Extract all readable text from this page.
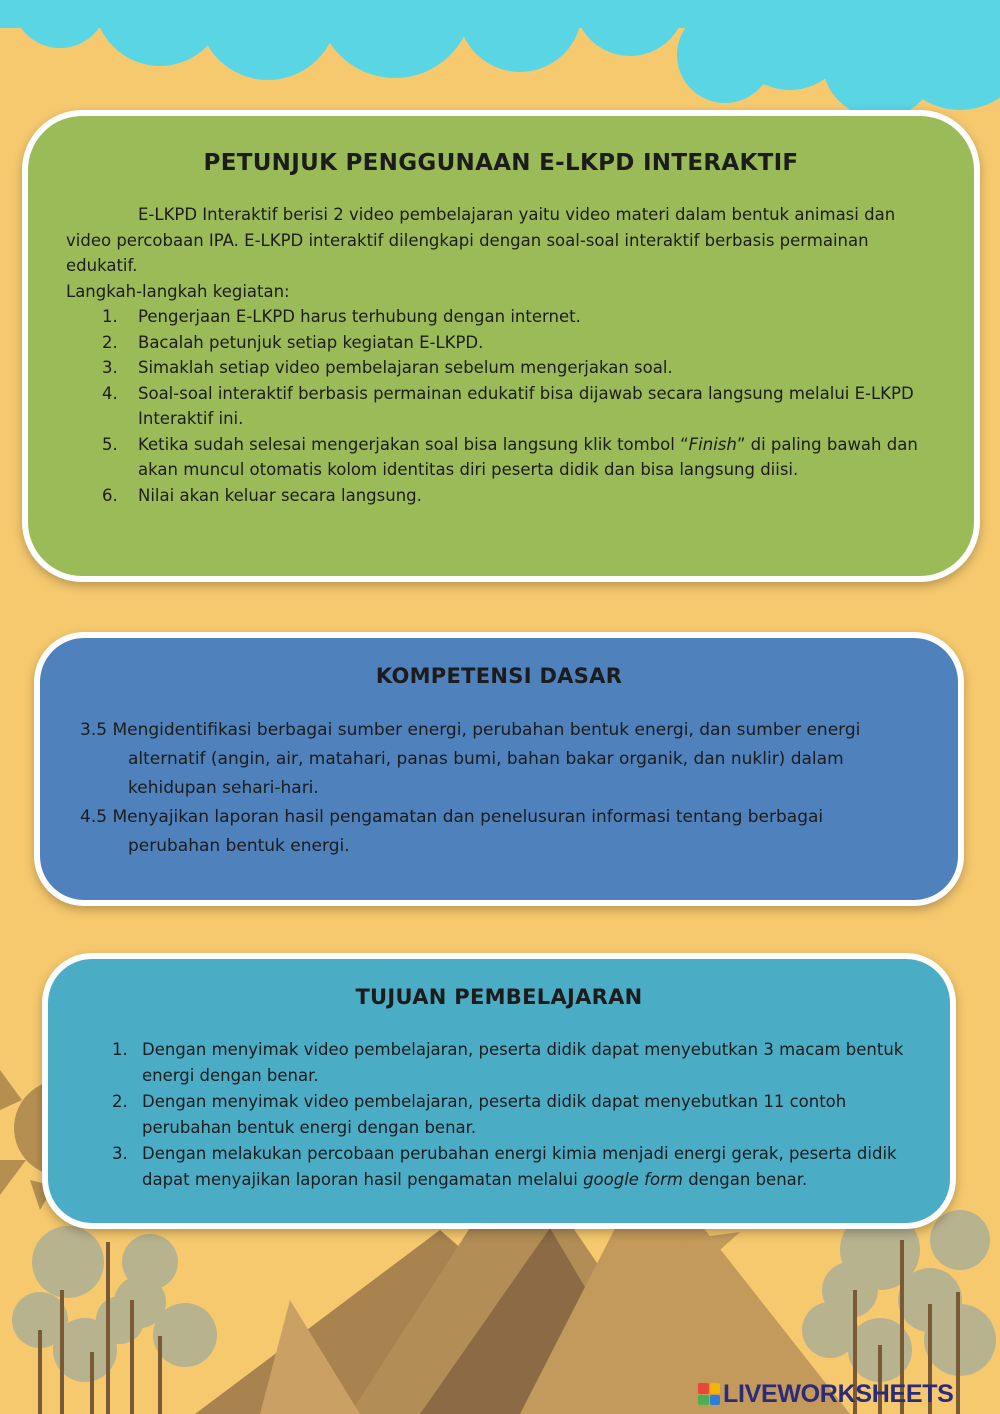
PETUNJUK PENGGUNAAN E-LKPD INTERAKTIF

E-LKPD Interaktif berisi 2 video pembelajaran yaitu video materi dalam bentuk animasi dan video percobaan IPA. E-LKPD interaktif dilengkapi dengan soal-soal interaktif berbasis permainan edukatif.

Langkah-langkah kegiatan:

1. Pengerjaan E-LKPD harus terhubung dengan internet.
2. Bacalah petunjuk setiap kegiatan E-LKPD.
3. Simaklah setiap video pembelajaran sebelum mengerjakan soal.
4. Soal-soal interaktif berbasis permainan edukatif bisa dijawab secara langsung melalui E-LKPD Interaktif ini.
5. Ketika sudah selesai mengerjakan soal bisa langsung klik tombol “Finish” di paling bawah dan akan muncul otomatis kolom identitas diri peserta didik dan bisa langsung diisi.
6. Nilai akan keluar secara langsung.
KOMPETENSI DASAR

3.5 Mengidentifikasi berbagai sumber energi, perubahan bentuk energi, dan sumber energi alternatif (angin, air, matahari, panas bumi, bahan bakar organik, dan nuklir) dalam kehidupan sehari-hari.

4.5 Menyajikan laporan hasil pengamatan dan penelusuran informasi tentang berbagai perubahan bentuk energi.

TUJUAN PEMBELAJARAN
1. Dengan menyimak video pembelajaran, peserta didik dapat menyebutkan 3 macam bentuk energi dengan benar.
2. Dengan menyimak video pembelajaran, peserta didik dapat menyebutkan 11 contoh perubahan bentuk energi dengan benar.
3. Dengan melakukan percobaan perubahan energi kimia menjadi energi gerak, peserta didik dapat menyajikan laporan hasil pengamatan melalui google form dengan benar.
LIVEWORKSHEETS
